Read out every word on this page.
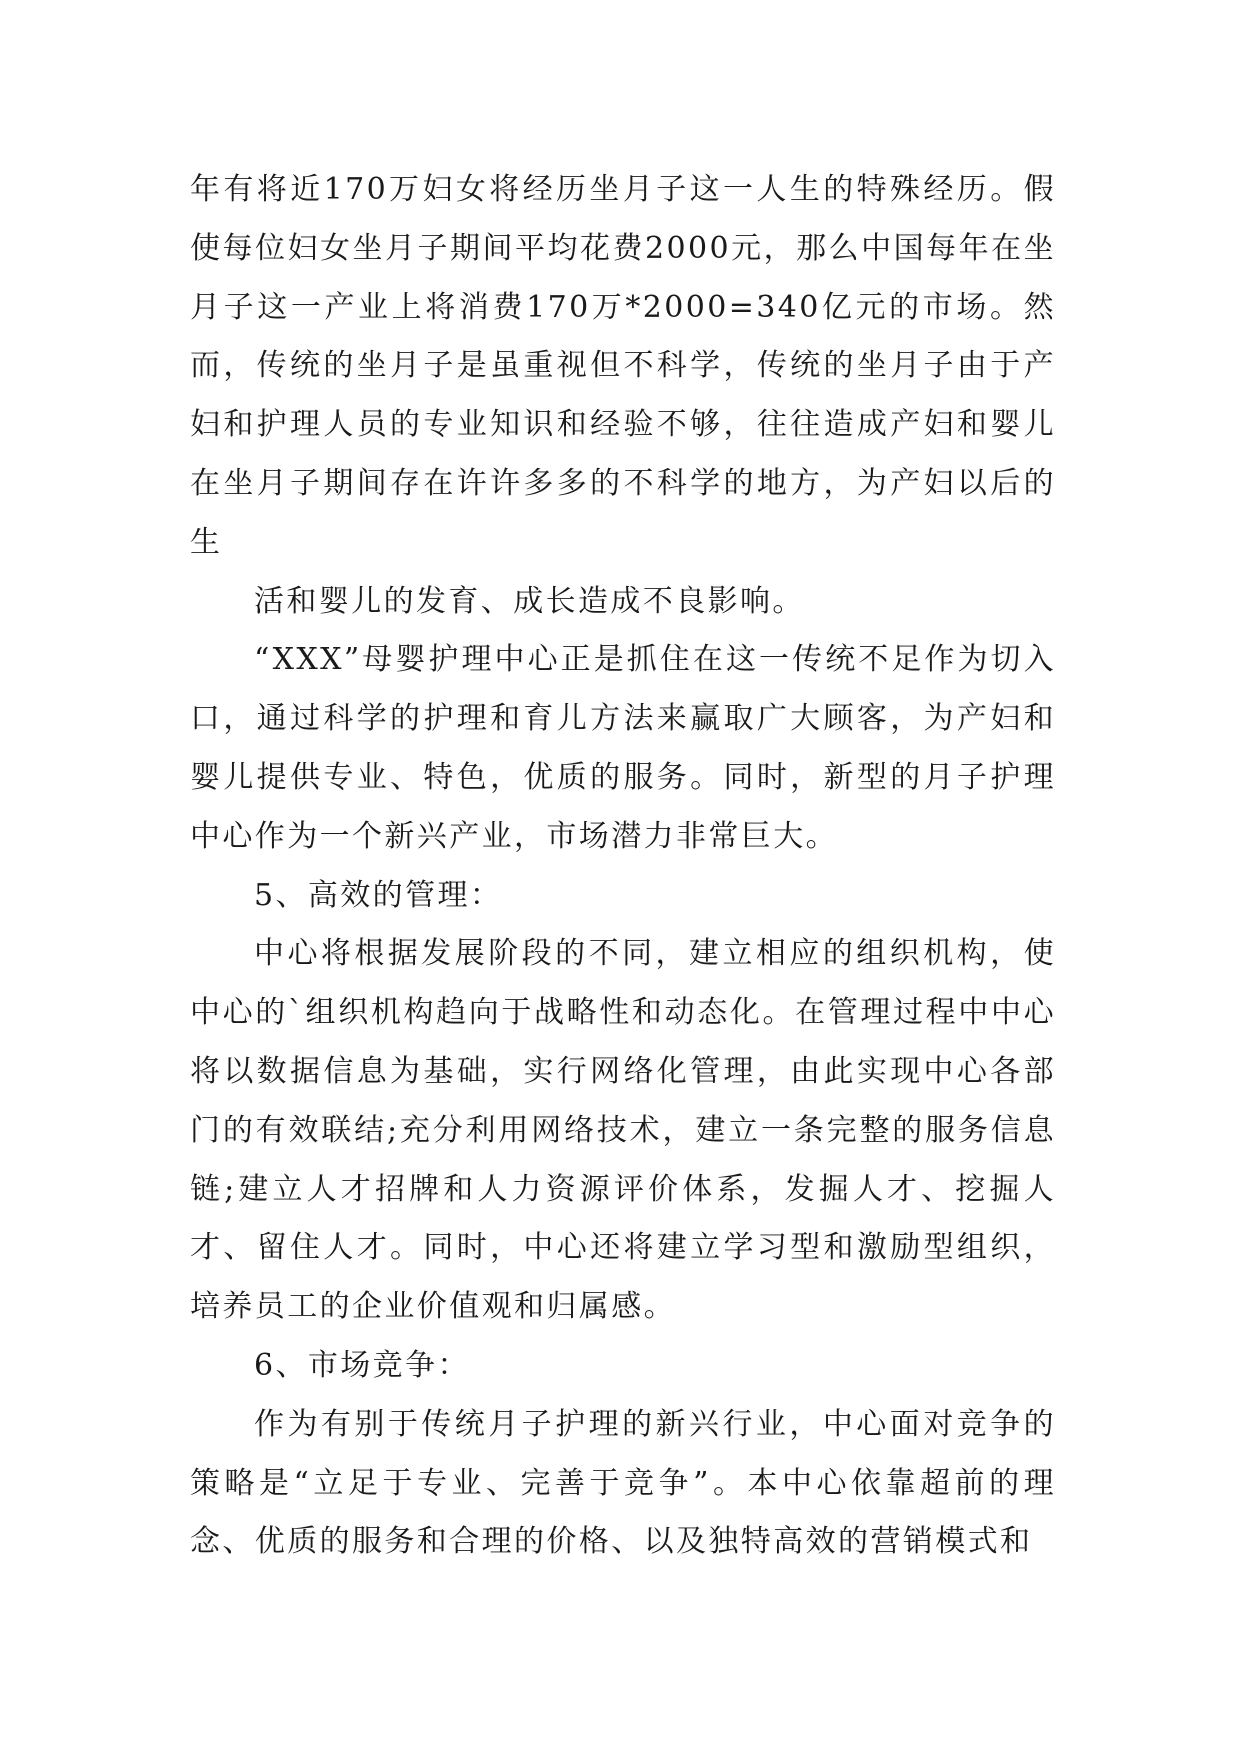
年有将近170万妇女将经历坐月子这一人生的特殊经历。假使每位妇女坐月子期间平均花费2000元，那么中国每年在坐月子这一产业上将消费170万*2000=340亿元的市场。然而，传统的坐月子是虽重视但不科学，传统的坐月子由于产妇和护理人员的专业知识和经验不够，往往造成产妇和婴儿在坐月子期间存在许许多多的不科学的地方，为产妇以后的生

活和婴儿的发育、成长造成不良影响。

“XXX”母婴护理中心正是抓住在这一传统不足作为切入口，通过科学的护理和育儿方法来赢取广大顾客，为产妇和婴儿提供专业、特色，优质的服务。同时，新型的月子护理中心作为一个新兴产业，市场潜力非常巨大。

5、高效的管理：

中心将根据发展阶段的不同，建立相应的组织机构，使中心的`组织机构趋向于战略性和动态化。在管理过程中中心将以数据信息为基础，实行网络化管理，由此实现中心各部门的有效联结;充分利用网络技术，建立一条完整的服务信息链;建立人才招牌和人力资源评价体系，发掘人才、挖掘人才、留住人才。同时，中心还将建立学习型和激励型组织，培养员工的企业价值观和归属感。

6、市场竞争：

作为有别于传统月子护理的新兴行业，中心面对竞争的策略是“立足于专业、完善于竞争”。本中心依靠超前的理念、优质的服务和合理的价格、以及独特高效的营销模式和
